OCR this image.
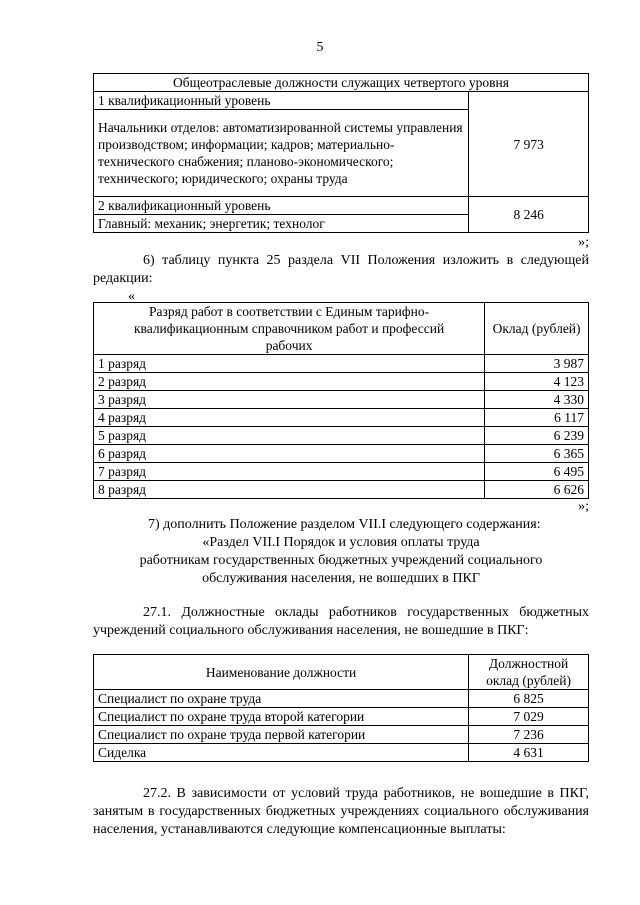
5
Общеотраслевые должности служащих четвертого уровня	
1 квалификационный уровень	7 973
Начальники отделов: автоматизированной системы управления производством; информации; кадров; материально-технического снабжения; планово-экономического; технического; юридического; охраны труда	
2 квалификационный уровень	8 246
Главный: механик; энергетик; технолог	
»;
6) таблицу пункта 25 раздела VII Положения изложить в следующей редакции:
«
Разряд работ в соответствии с Единым тарифно-квалификационным справочником работ и профессий рабочих	Оклад (рублей)
1 разряд	3 987
2 разряд	4 123
3 разряд	4 330
4 разряд	6 117
5 разряд	6 239
6 разряд	6 365
7 разряд	6 495
8 разряд	6 626
»;
7) дополнить Положение разделом VII.I следующего содержания:
«Раздел VII.I Порядок и условия оплаты труда
работникам государственных бюджетных учреждений социального
обслуживания населения, не вошедших в ПКГ
27.1. Должностные оклады работников государственных бюджетных учреждений социального обслуживания населения, не вошедшие в ПКГ:
Наименование должности	Должностной оклад (рублей)
Специалист по охране труда	6 825
Специалист по охране труда второй категории	7 029
Специалист по охране труда первой категории	7 236
Сиделка	4 631
27.2. В зависимости от условий труда работников, не вошедшие в ПКГ, занятым в государственных бюджетных учреждениях социального обслуживания населения, устанавливаются следующие компенсационные выплаты:
